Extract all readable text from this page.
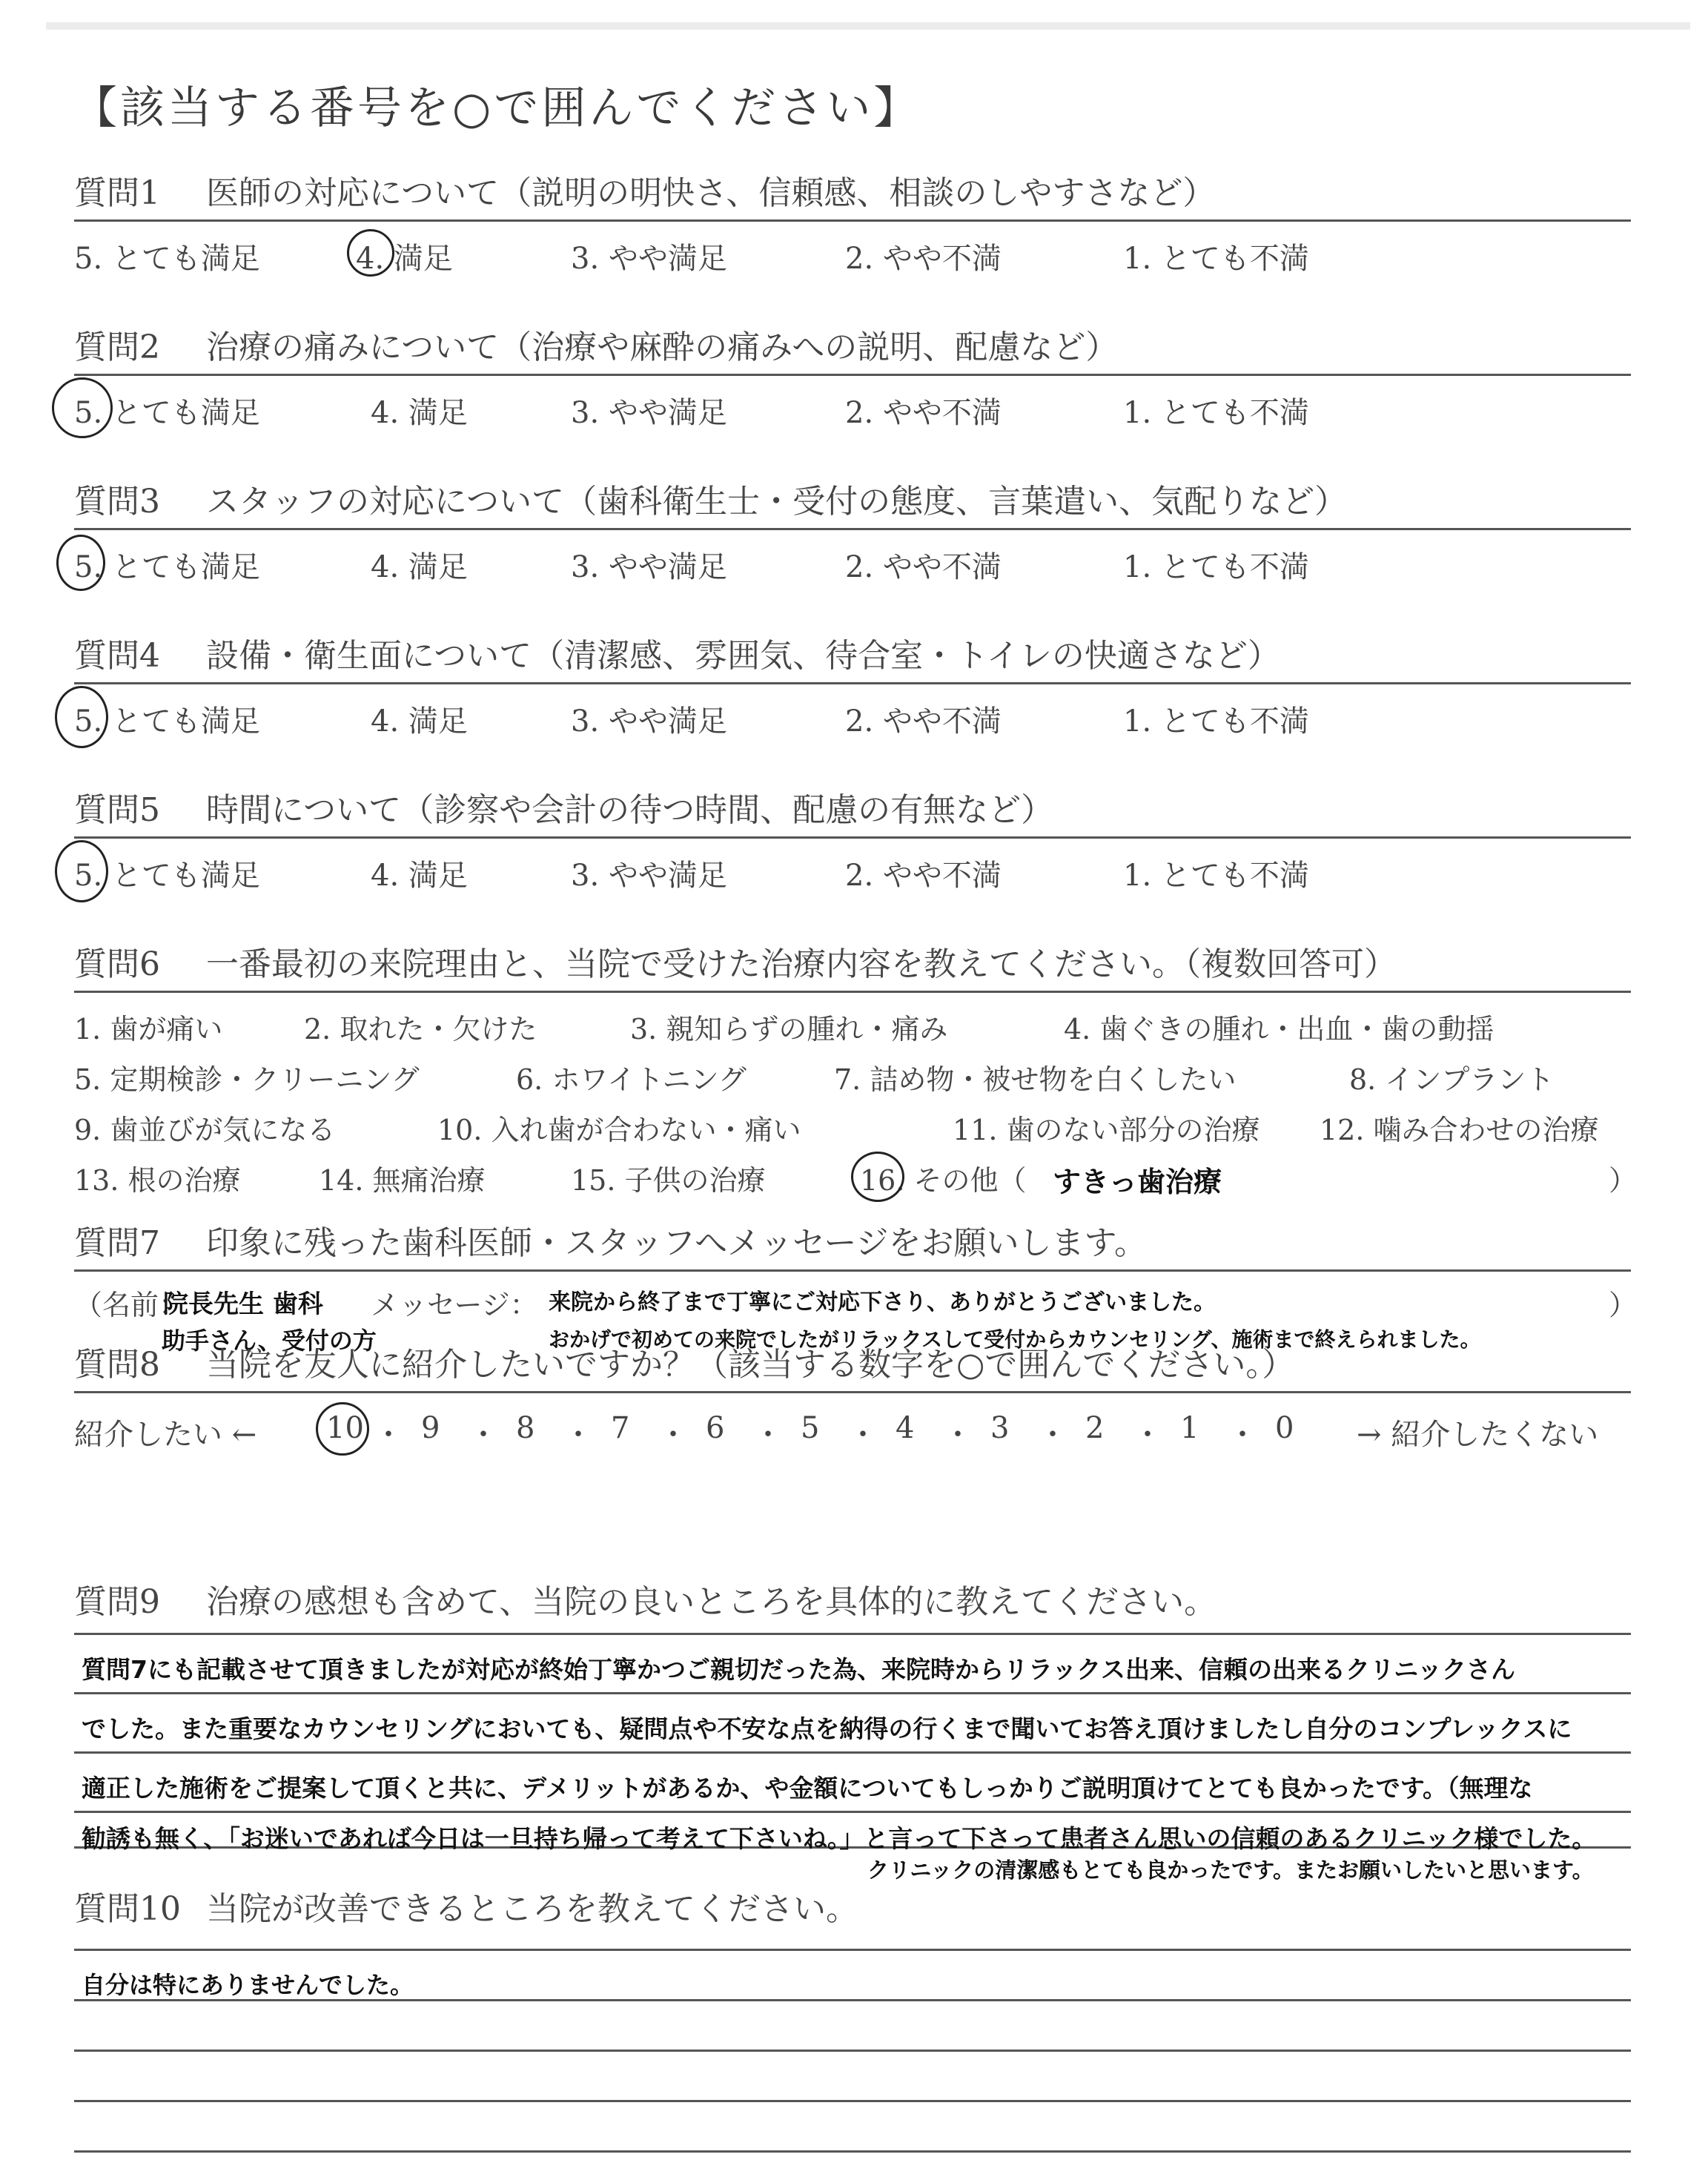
【該当する番号を○で囲んでください】
質問1 医師の対応について（説明の明快さ、信頼感、相談のしやすさなど）
5. とても満足	4. 満足	3. やや満足	2. やや不満	1. とても不満
質問2 治療の痛みについて（治療や麻酔の痛みへの説明、配慮など）
5. とても満足	4. 満足	3. やや満足	2. やや不満	1. とても不満
質問3 スタッフの対応について（歯科衛生士・受付の態度、言葉遣い、気配りなど）
5. とても満足	4. 満足	3. やや満足	2. やや不満	1. とても不満
質問4 設備・衛生面について（清潔感、雰囲気、待合室・トイレの快適さなど）
5. とても満足	4. 満足	3. やや満足	2. やや不満	1. とても不満
質問5 時間について（診察や会計の待つ時間、配慮の有無など）
5. とても満足	4. 満足	3. やや満足	2. やや不満	1. とても不満
質問6 一番最初の来院理由と、当院で受けた治療内容を教えてください。（複数回答可）
1. 歯が痛い	2. 取れた・欠けた	3. 親知らずの腫れ・痛み	4. 歯ぐきの腫れ・出血・歯の動揺
5. 定期検診・クリーニング	6. ホワイトニング	7. 詰め物・被せ物を白くしたい	8. インプラント
9. 歯並びが気になる	10. 入れ歯が合わない・痛い	11. 歯のない部分の治療 12. 噛み合わせの治療
13. 根の治療	14. 無痛治療	15. 子供の治療	16. その他（ すきっ歯治療	）
質問7 印象に残った歯科医師・スタッフへメッセージをお願いします。
（名前：
院長先生 歯科
助手さん、受付の方
メッセージ： 来院から終了まで丁寧にご対応下さり、ありがとうございました。
おかげで初めての来院でしたがリラックスして受付からカウンセリング、施術まで終えられました。
）
質問8 当院を友人に紹介したいですか？（該当する数字を○で囲んでください。）
紹介したい ←	→ 紹介したくない
10 ・ 9 ・ 8 ・ 7 ・ 6 ・ 5 ・ 4 ・ 3 ・ 2 ・ 1 ・ 0
質問9 治療の感想も含めて、当院の良いところを具体的に教えてください。
質問7にも記載させて頂きましたが対応が終始丁寧かつご親切だった為、来院時からリラックス出来、信頼の出来るクリニックさん
でした。また重要なカウンセリングにおいても、疑問点や不安な点を納得の行くまで聞いてお答え頂けましたし自分のコンプレックスに
適正した施術をご提案して頂くと共に、デメリットがあるか、や金額についてもしっかりご説明頂けてとても良かったです。（無理な
勧誘も無く、「お迷いであれば今日は一旦持ち帰って考えて下さいね。」と言って下さって患者さん思いの信頼のあるクリニック様でした。
クリニックの清潔感もとても良かったです。またお願いしたいと思います。
質問10 当院が改善できるところを教えてください。
自分は特にありませんでした。
